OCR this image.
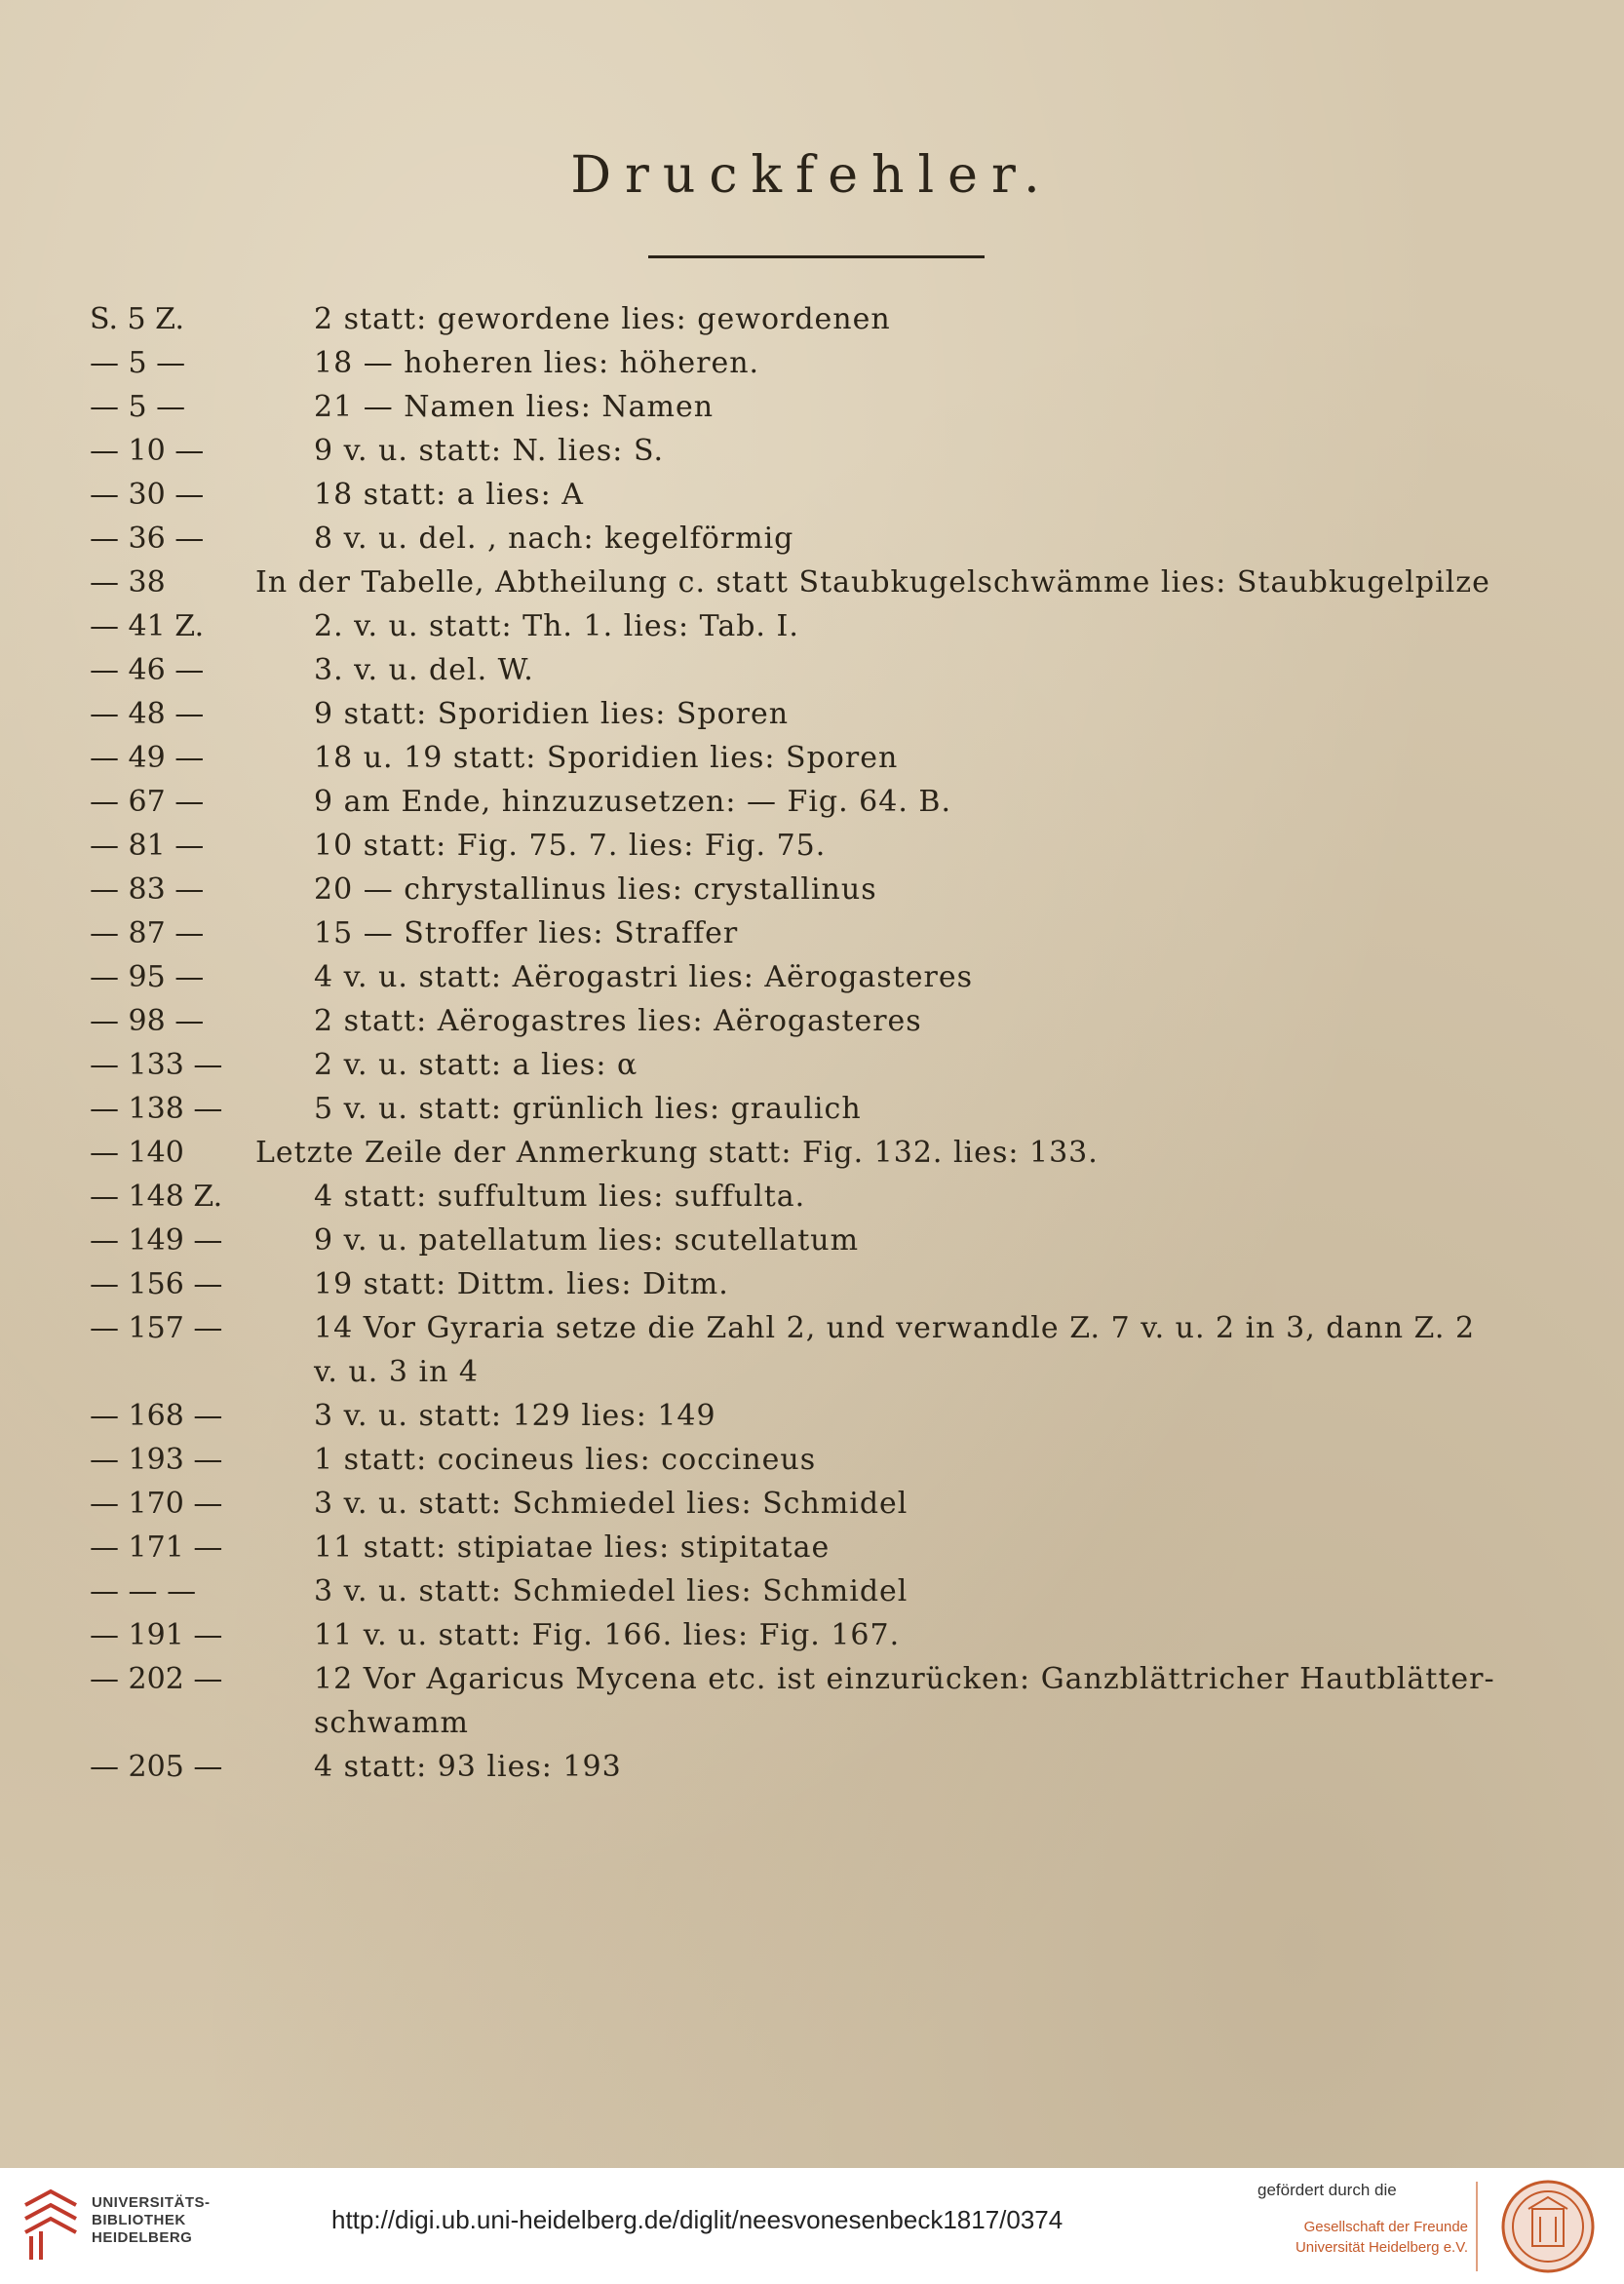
Druckfehler.
S. 5 Z.	2 statt: gewordene lies: gewordenen
— 5 —	18 — hoheren lies: höheren.
— 5 —	21 — Namen lies: Namen
— 10 —	9 v. u. statt: N. lies: S.
— 30 —	18 statt: a lies: A
— 36 —	8 v. u. del. , nach: kegelförmig
— 38	In der Tabelle, Abtheilung c. statt Staubkugelschwämme lies: Staubkugelpilze
— 41 Z.	2. v. u. statt: Th. 1. lies: Tab. I.
— 46 —	3. v. u. del. W.
— 48 —	9 statt: Sporidien lies: Sporen
— 49 —	18 u. 19 statt: Sporidien lies: Sporen
— 67 —	9 am Ende, hinzuzusetzen: — Fig. 64. B.
— 81 —	10 statt: Fig. 75. 7. lies: Fig. 75.
— 83 —	20 — chrystallinus lies: crystallinus
— 87 —	15 — Stroffer lies: Straffer
— 95 —	4 v. u. statt: Aërogastri lies: Aërogasteres
— 98 —	2 statt: Aërogastres lies: Aërogasteres
— 133 —	2 v. u. statt: a lies: α
— 138 —	5 v. u. statt: grünlich lies: graulich
— 140	Letzte Zeile der Anmerkung statt: Fig. 132. lies: 133.
— 148 Z.	4 statt: suffultum lies: suffulta.
— 149 —	9 v. u. patellatum lies: scutellatum
— 156 —	19 statt: Dittm. lies: Ditm.
— 157 —	14 Vor Gyraria setze die Zahl 2, und verwandle Z. 7 v. u. 2 in 3, dann Z. 2
v. u. 3 in 4
— 168 —	3 v. u. statt: 129 lies: 149
— 193 —	1 statt: cocineus lies: coccineus
— 170 —	3 v. u. statt: Schmiedel lies: Schmidel
— 171 —	11 statt: stipiatae lies: stipitatae
— — —	3 v. u. statt: Schmiedel lies: Schmidel
— 191 —	11 v. u. statt: Fig. 166. lies: Fig. 167.
— 202 —	12 Vor Agaricus Mycena etc. ist einzurücken: Ganzblättricher Hautblätter-
schwamm
— 205 —	4 statt: 93 lies: 193
UNIVERSITÄTS-
BIBLIOTHEK
HEIDELBERG
http://digi.ub.uni-heidelberg.de/diglit/neesvonesenbeck1817/0374
gefördert durch die
Gesellschaft der Freunde
Universität Heidelberg e.V.
